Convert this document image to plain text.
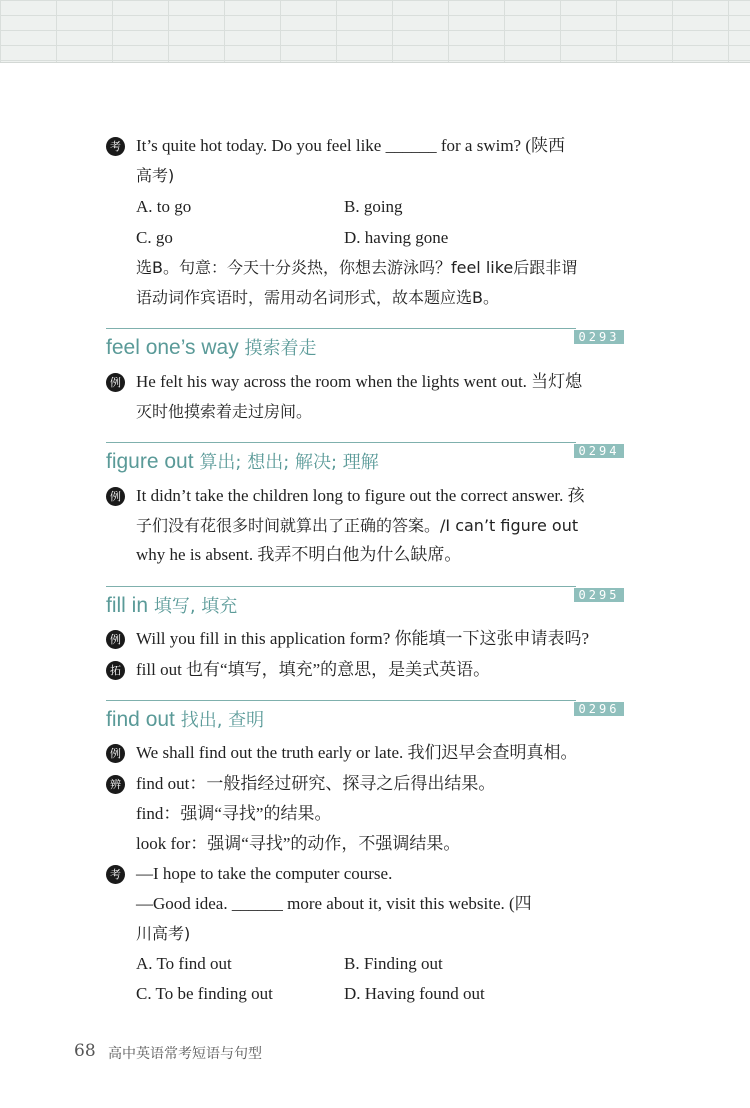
考 It’s quite hot today. Do you feel like ______ for a swim? (陕西
高考)
A. to go	B. going
C. go	D. having gone
选B。句意：今天十分炎热，你想去游泳吗？feel like后跟非谓
语动词作宾语时，需用动名词形式，故本题应选B。
0293
feel one’s way 摸索着走
例 He felt his way across the room when the lights went out. 当灯熄
灭时他摸索着走过房间。
0294
figure out 算出; 想出; 解决; 理解
例 It didn’t take the children long to figure out the correct answer. 孩
子们没有花很多时间就算出了正确的答案。/I can’t figure out
why he is absent. 我弄不明白他为什么缺席。
0295
fill in 填写, 填充
例 Will you fill in this application form? 你能填一下这张申请表吗?
拓 fill out 也有“填写，填充”的意思，是美式英语。
0296
find out 找出, 查明
例 We shall find out the truth early or late. 我们迟早会查明真相。
辨 find out：一般指经过研究、探寻之后得出结果。
find：强调“寻找”的结果。
look for：强调“寻找”的动作，不强调结果。
考 —I hope to take the computer course.
—Good idea. ______ more about it, visit this website. (四
川高考)
A. To find out	B. Finding out
C. To be finding out	D. Having found out
68 高中英语常考短语与句型
